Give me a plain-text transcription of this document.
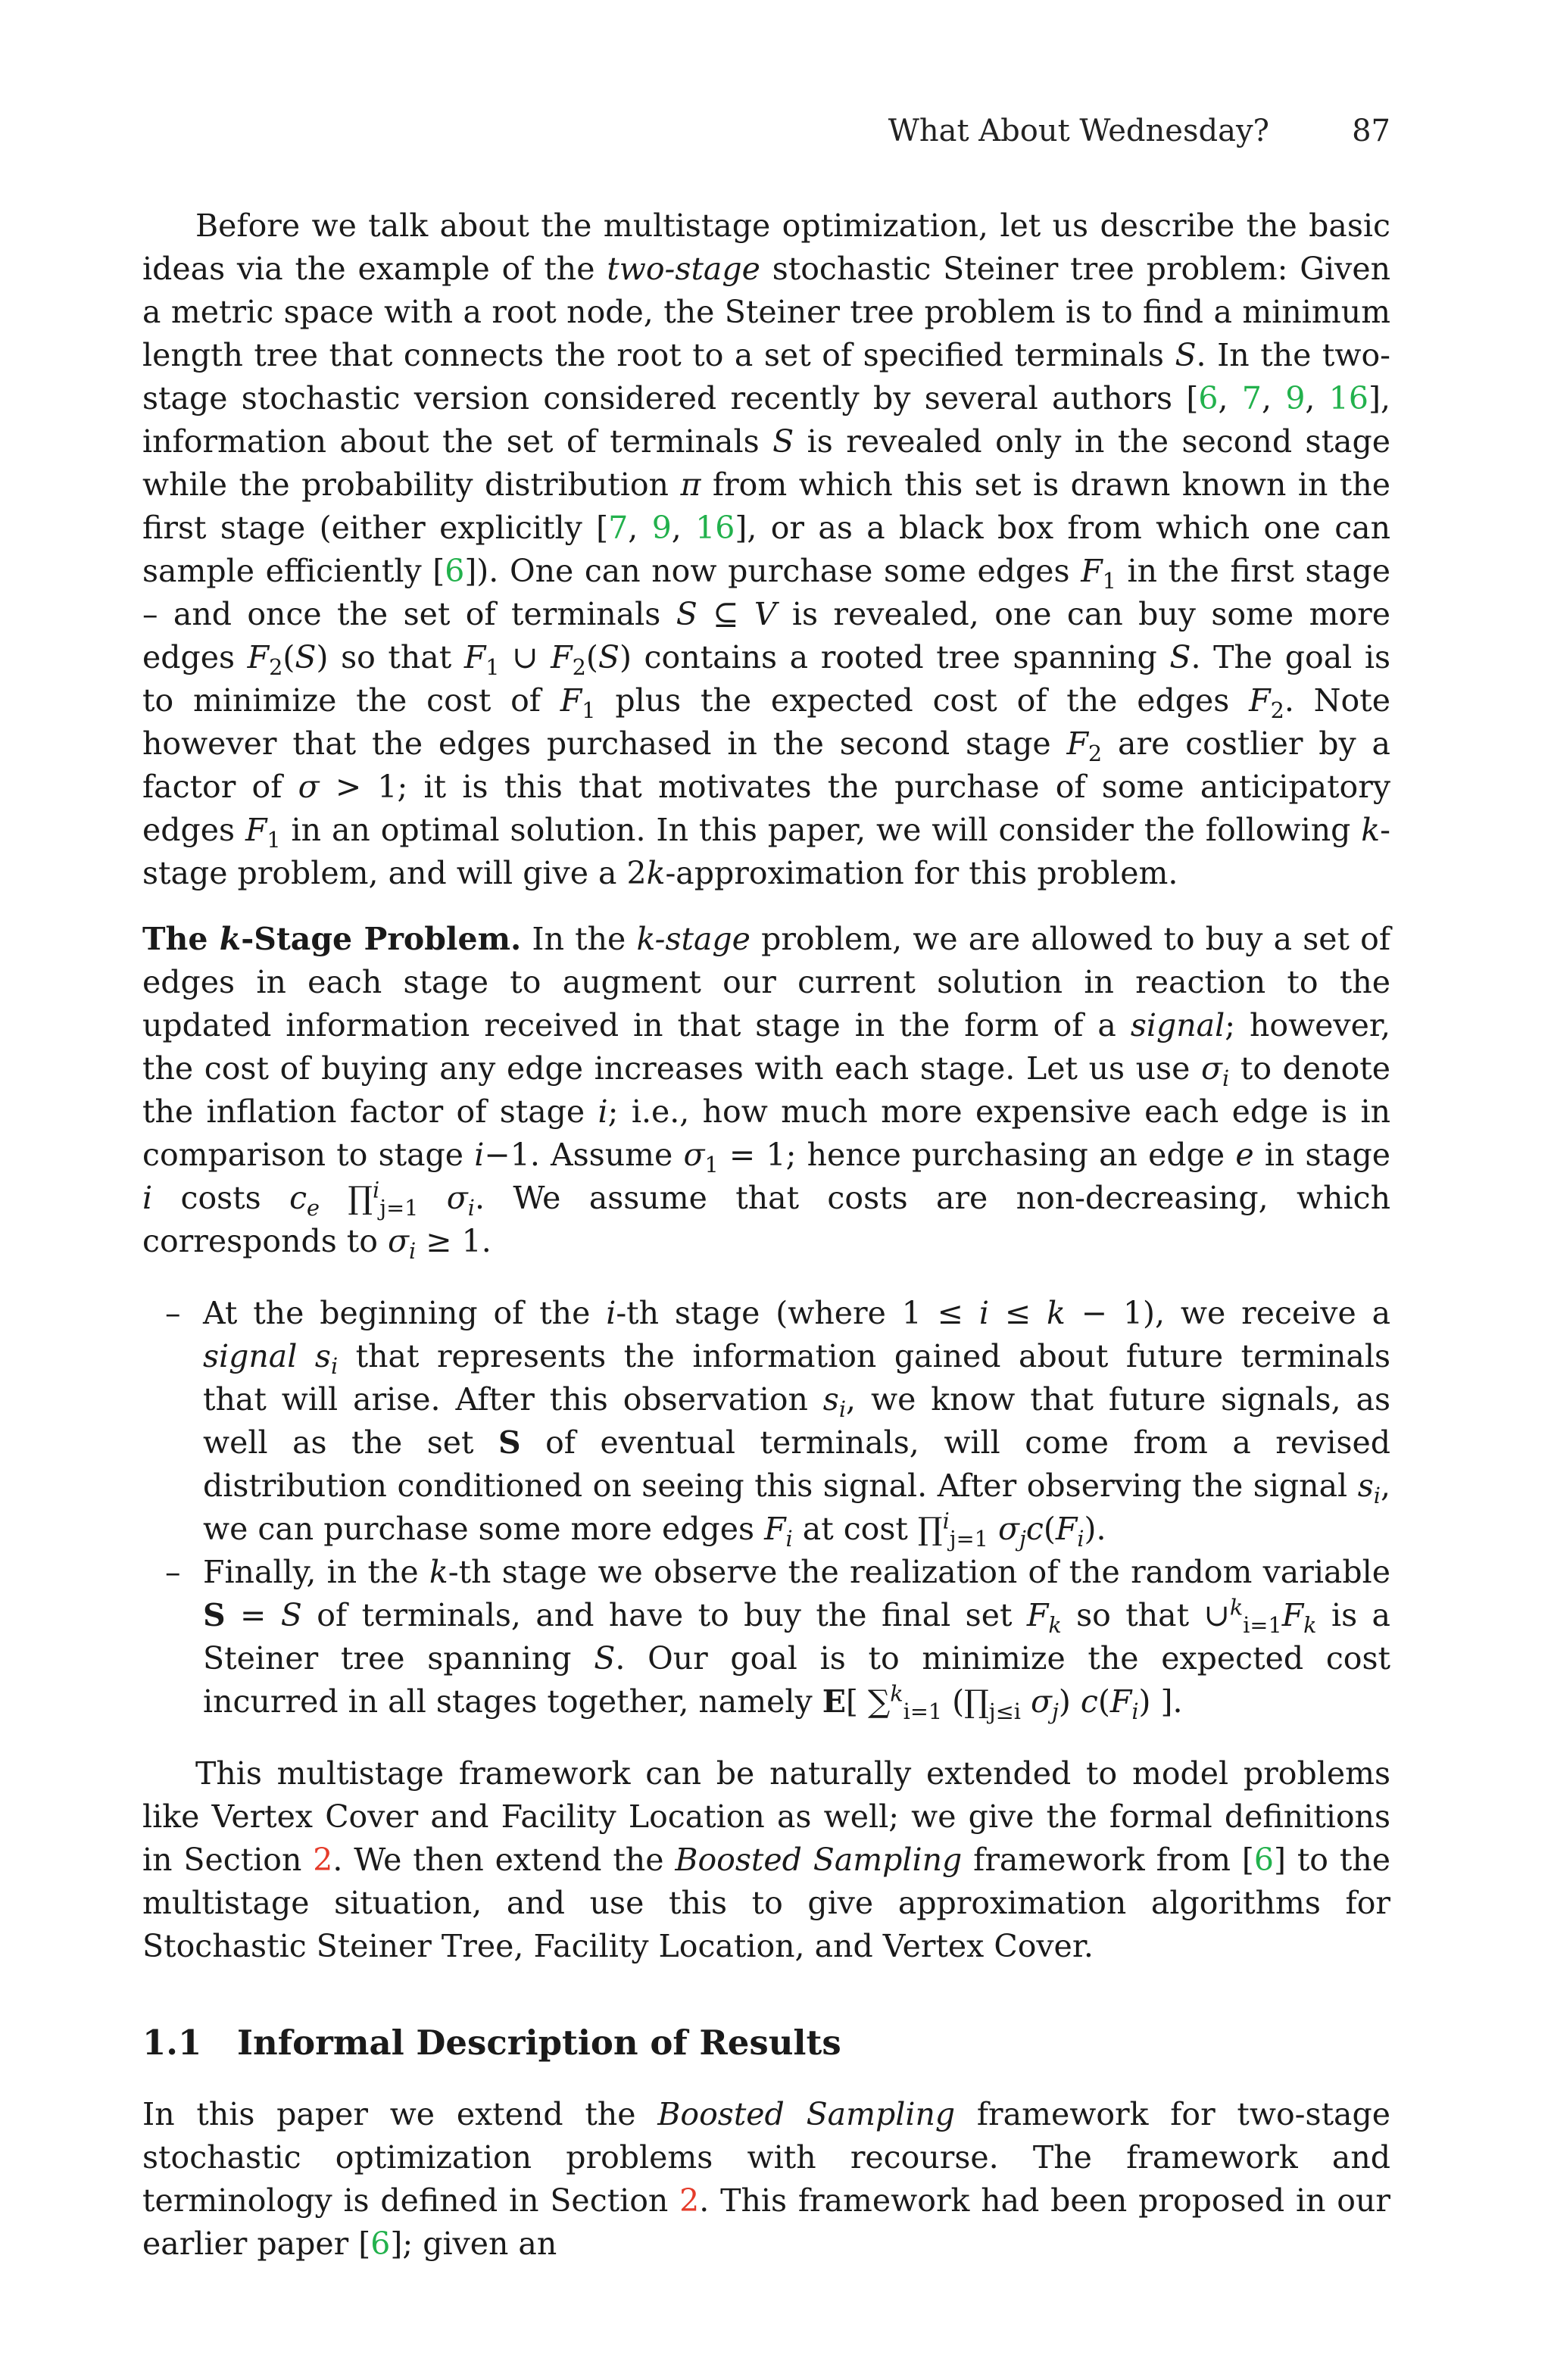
What About Wednesday?	87

Before we talk about the multistage optimization, let us describe the basic ideas via the example of the two-stage stochastic Steiner tree problem: Given a metric space with a root node, the Steiner tree problem is to find a minimum length tree that connects the root to a set of specified terminals S. In the two-stage stochastic version considered recently by several authors [6, 7, 9, 16], information about the set of terminals S is revealed only in the second stage while the probability distribution π from which this set is drawn known in the first stage (either explicitly [7, 9, 16], or as a black box from which one can sample efficiently [6]). One can now purchase some edges $F_1$ in the first stage – and once the set of terminals S ⊆ V is revealed, one can buy some more edges $F_2(S)$ so that $F_1$ ∪ $F_2(S)$ contains a rooted tree spanning S. The goal is to minimize the cost of $F_1$ plus the expected cost of the edges $F_2$. Note however that the edges purchased in the second stage $F_2$ are costlier by a factor of σ > 1; it is this that motivates the purchase of some anticipatory edges $F_1$ in an optimal solution. In this paper, we will consider the following k-stage problem, and will give a 2k-approximation for this problem.

The k-Stage Problem. In the k-stage problem, we are allowed to buy a set of edges in each stage to augment our current solution in reaction to the updated information received in that stage in the form of a signal; however, the cost of buying any edge increases with each stage. Let us use $\sigma_i$ to denote the inflation factor of stage i; i.e., how much more expensive each edge is in comparison to stage i−1. Assume $\sigma_1 = 1$; hence purchasing an edge e in stage i costs $c_e$ ∏$^i_{j=1}$ $\sigma_i$. We assume that costs are non-decreasing, which corresponds to $\sigma_i \ge 1$.

– At the beginning of the i-th stage (where 1 ≤ i ≤ k − 1), we receive a signal $s_i$ that represents the information gained about future terminals that will arise. After this observation $s_i$, we know that future signals, as well as the set S of eventual terminals, will come from a revised distribution conditioned on seeing this signal. After observing the signal $s_i$, we can purchase some more edges $F_i$ at cost ∏$^i_{j=1}$ $\sigma_jc(F_i)$.
– Finally, in the k-th stage we observe the realization of the random variable S = S of terminals, and have to buy the final set $F_k$ so that $\cup^k_{i=1}F_k$ is a Steiner tree spanning S. Our goal is to minimize the expected cost incurred in all stages together, namely E[ ∑$^k_{i=1}$ ($\prod_{j\le i}$ $\sigma_j$) $c(F_i)$ ].

This multistage framework can be naturally extended to model problems like Vertex Cover and Facility Location as well; we give the formal definitions in Section 2. We then extend the Boosted Sampling framework from [6] to the multistage situation, and use this to give approximation algorithms for Stochastic Steiner Tree, Facility Location, and Vertex Cover.

1.1 Informal Description of Results

In this paper we extend the Boosted Sampling framework for two-stage stochastic optimization problems with recourse. The framework and terminology is defined in Section 2. This framework had been proposed in our earlier paper [6]; given an
